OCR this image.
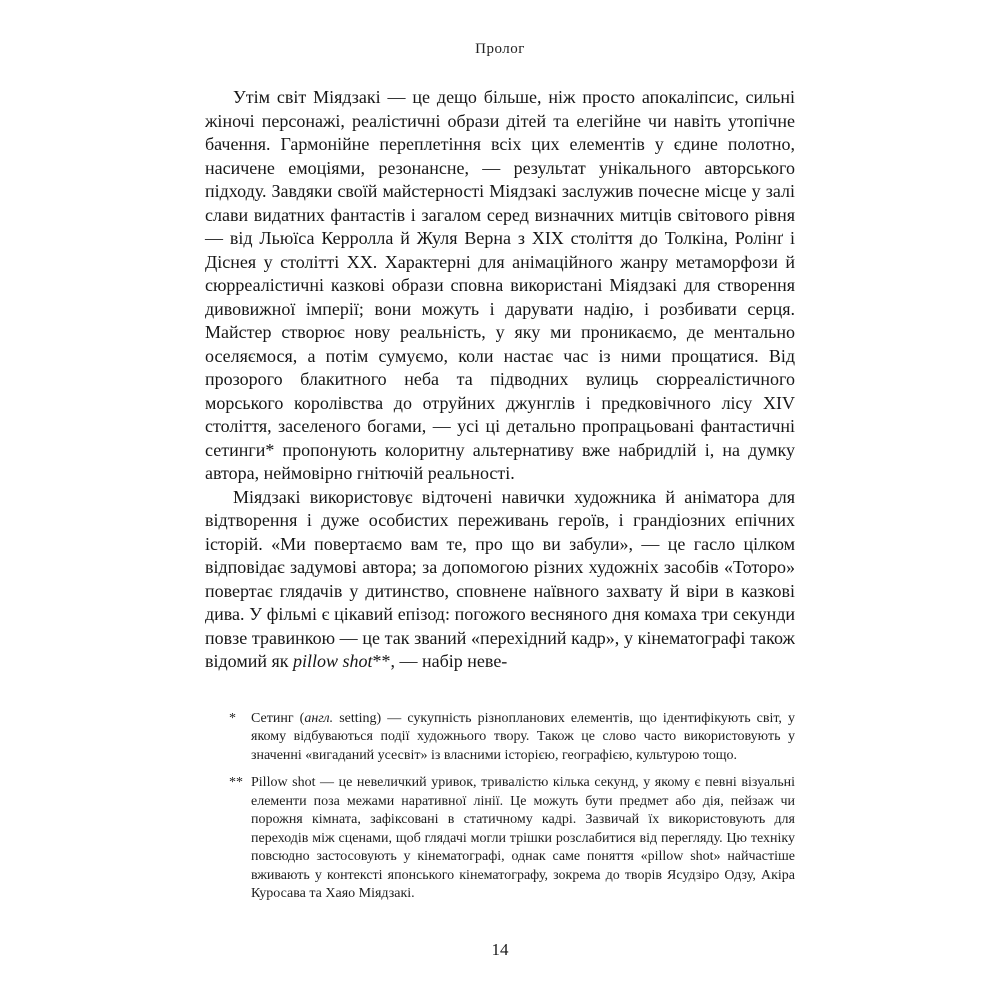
Пролог

Утім світ Міядзакі — це дещо більше, ніж просто апокаліпсис, сильні жіночі персонажі, реалістичні образи дітей та елегійне чи навіть утопічне бачення. Гармонійне переплетіння всіх цих елементів у єдине полотно, насичене емоціями, резонансне, — результат унікального авторського підходу. Завдяки своїй майстерності Міядзакі заслужив почесне місце у залі слави видатних фантастів і загалом серед визначних митців світового рівня — від Льюїса Керролла й Жуля Верна з XIX століття до Толкіна, Ролінґ і Діснея у столітті XX. Характерні для анімаційного жанру метаморфози й сюрреалістичні казкові образи сповна використані Міядзакі для створення дивовижної імперії; вони можуть і дарувати надію, і розбивати серця. Майстер створює нову реальність, у яку ми проникаємо, де ментально оселяємося, а потім сумуємо, коли настає час із ними прощатися. Від прозорого блакитного неба та підводних вулиць сюрреалістичного морського королівства до отруйних джунглів і предковічного лісу XIV століття, заселеного богами, — усі ці детально пропрацьовані фантастичні сетинги* пропонують колоритну альтернативу вже набридлій і, на думку автора, неймовірно гнітючій реальності.

Міядзакі використовує відточені навички художника й аніматора для відтворення і дуже особистих переживань героїв, і грандіозних епічних історій. «Ми повертаємо вам те, про що ви забули», — це гасло цілком відповідає задумові автора; за допомогою різних художніх засобів «Тоторо» повертає глядачів у дитинство, сповнене наївного захвату й віри в казкові дива. У фільмі є цікавий епізод: погожого весняного дня комаха три секунди повзе травинкою — це так званий «перехідний кадр», у кінематографі також відомий як pillow shot**, — набір неве-

*	Сетинг (англ. setting) — сукупність різнопланових елементів, що ідентифікують світ, у якому відбуваються події художнього твору. Також це слово часто використовують у значенні «вигаданий усесвіт» із власними історією, географією, культурою тощо.
** Pillow shot — це невеличкий уривок, тривалістю кілька секунд, у якому є певні візуальні елементи поза межами наративної лінії. Це можуть бути предмет або дія, пейзаж чи порожня кімната, зафіксовані в статичному кадрі. Зазвичай їх використовують для переходів між сценами, щоб глядачі могли трішки розслабитися від перегляду. Цю техніку повсюдно застосовують у кінематографі, однак саме поняття «pillow shot» найчастіше вживають у контексті японського кінематографу, зокрема до творів Ясудзіро Одзу, Акіра Куросава та Хаяо Міядзакі.
14
